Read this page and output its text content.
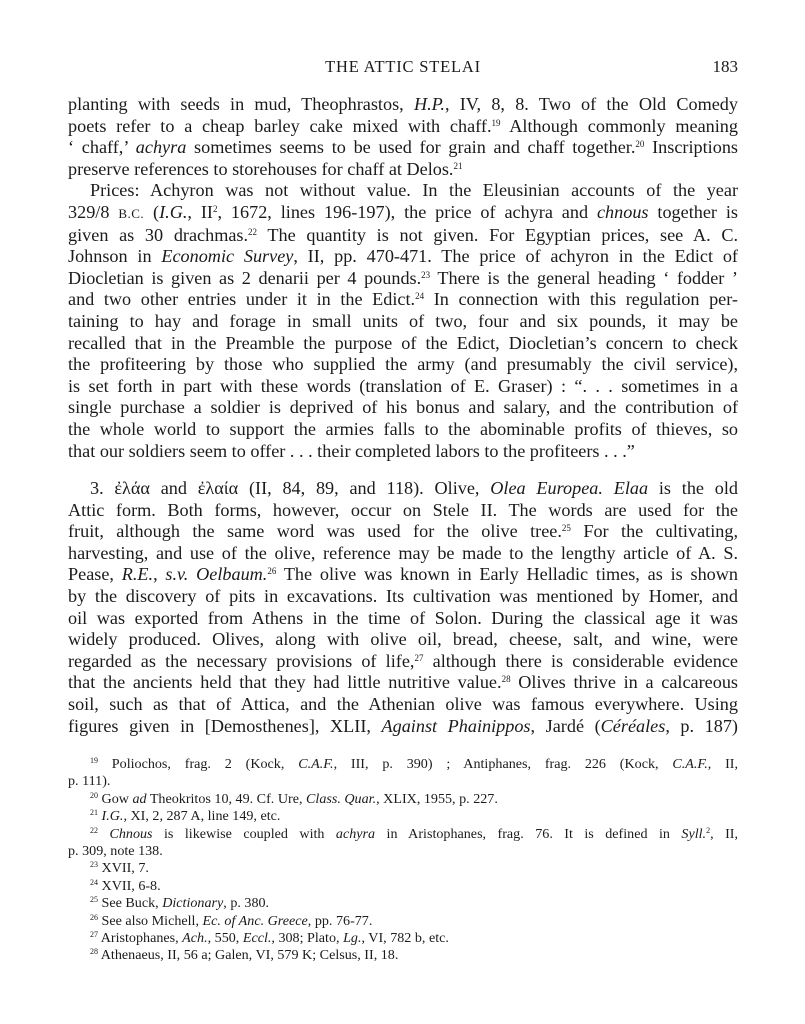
THE ATTIC STELAI	183
planting with seeds in mud, Theophrastos, H.P., IV, 8, 8. Two of the Old Comedy
poets refer to a cheap barley cake mixed with chaff.$^{19}$ Although commonly meaning
‘ chaff,’ achyra sometimes seems to be used for grain and chaff together.$^{20}$ Inscriptions
preserve references to storehouses for chaff at Delos.$^{21}$
Prices: Achyron was not without value. In the Eleusinian accounts of the year
329/8 B.C. (I.G., $II^2$, 1672, lines 196-197), the price of achyra and chnous together is
given as 30 drachmas.$^{22}$ The quantity is not given. For Egyptian prices, see A. C.
Johnson in Economic Survey, II, pp. 470-471. The price of achyron in the Edict of
Diocletian is given as 2 denarii per 4 pounds.$^{23}$ There is the general heading ‘ fodder ’
and two other entries under it in the Edict.$^{24}$ In connection with this regulation per-
taining to hay and forage in small units of two, four and six pounds, it may be
recalled that in the Preamble the purpose of the Edict, Diocletian’s concern to check
the profiteering by those who supplied the army (and presumably the civil service),
is set forth in part with these words (translation of E. Graser) : “. . . sometimes in a
single purchase a soldier is deprived of his bonus and salary, and the contribution of
the whole world to support the armies falls to the abominable profits of thieves, so
that our soldiers seem to offer . . . their completed labors to the profiteers . . .”
3. ἐλάα and ἐλαία (II, 84, 89, and 118). Olive, Olea Europea. Elaa is the old
Attic form. Both forms, however, occur on Stele II. The words are used for the
fruit, although the same word was used for the olive tree.$^{25}$ For the cultivating,
harvesting, and use of the olive, reference may be made to the lengthy article of A. S.
Pease, R.E., s.v. Oelbaum.$^{26}$ The olive was known in Early Helladic times, as is shown
by the discovery of pits in excavations. Its cultivation was mentioned by Homer, and
oil was exported from Athens in the time of Solon. During the classical age it was
widely produced. Olives, along with olive oil, bread, cheese, salt, and wine, were
regarded as the necessary provisions of life,$^{27}$ although there is considerable evidence
that the ancients held that they had little nutritive value.$^{28}$ Olives thrive in a calcareous
soil, such as that of Attica, and the Athenian olive was famous everywhere. Using
figures given in [Demosthenes], XLII, Against Phainippos, Jardé (Céréales, p. 187)
$^{19}$ Poliochos, frag. 2 (Kock, C.A.F., III, p. 390) ; Antiphanes, frag. 226 (Kock, C.A.F., II,
p. 111).
$^{20}$ Gow ad Theokritos 10, 49. Cf. Ure, Class. Quar., XLIX, 1955, p. 227.
$^{21}$ I.G., XI, 2, 287 A, line 149, etc.
$^{22}$ Chnous is likewise coupled with achyra in Aristophanes, frag. 76. It is defined in Syll.$^2$, II,
p. 309, note 138.
$^{23}$ XVII, 7.
$^{24}$ XVII, 6-8.
$^{25}$ See Buck, Dictionary, p. 380.
$^{26}$ See also Michell, Ec. of Anc. Greece, pp. 76-77.
$^{27}$ Aristophanes, Ach., 550, Eccl., 308; Plato, Lg., VI, 782 b, etc.
$^{28}$ Athenaeus, II, 56 a; Galen, VI, 579 K; Celsus, II, 18.
